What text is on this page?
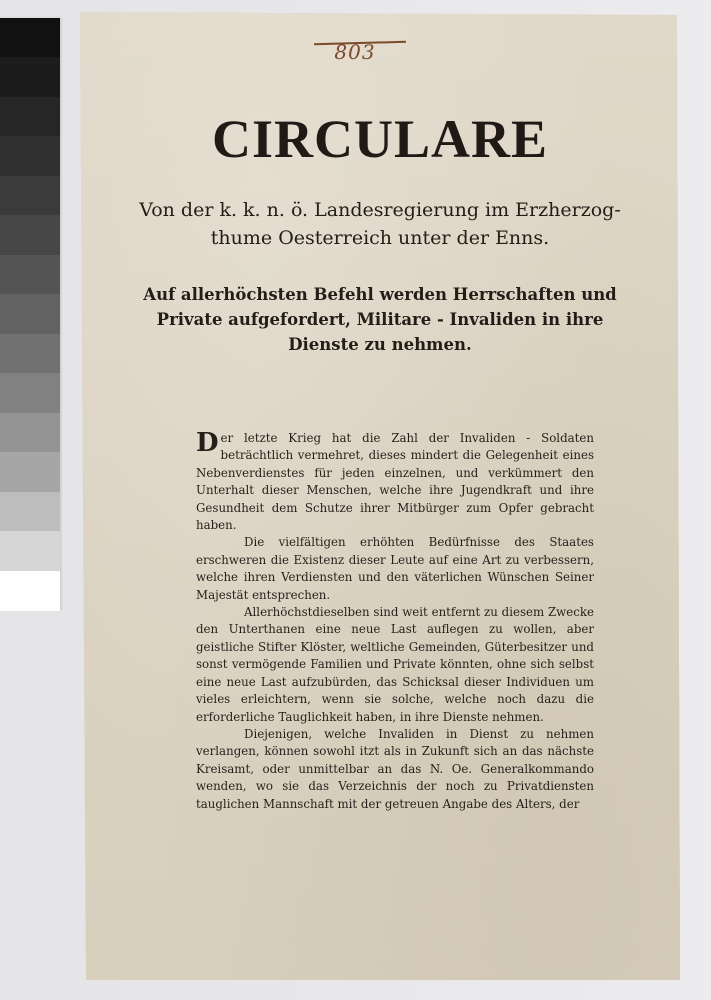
803
CIRCULARE
Von der k. k. n. ö. Landesregierung im Erzherzog-
thume Oesterreich unter der Enns.
Auf allerhöchsten Befehl werden Herrschaften und
Private aufgefordert, Militare - Invaliden in ihre
Dienste zu nehmen.

Der letzte Krieg hat die Zahl der Invaliden - Soldaten beträchtlich vermehret, dieses mindert die Gelegenheit eines Nebenverdienstes für jeden einzelnen, und verkümmert den Unterhalt dieser Menschen, welche ihre Jugendkraft und ihre Gesundheit dem Schutze ihrer Mitbürger zum Opfer gebracht haben.

Die vielfältigen erhöhten Bedürfnisse des Staates erschweren die Existenz dieser Leute auf eine Art zu verbessern, welche ihren Verdiensten und den väterlichen Wünschen Seiner Majestät entsprechen.

Allerhöchstdieselben sind weit entfernt zu diesem Zwecke den Unterthanen eine neue Last auflegen zu wollen, aber geistliche Stifter Klöster, weltliche Gemeinden, Güterbesitzer und sonst vermögende Familien und Private könnten, ohne sich selbst eine neue Last aufzubürden, das Schicksal dieser Individuen um vieles erleichtern, wenn sie solche, welche noch dazu die erforderliche Tauglichkeit haben, in ihre Dienste nehmen.

Diejenigen, welche Invaliden in Dienst zu nehmen verlangen, können sowohl itzt als in Zukunft sich an das nächste Kreisamt, oder unmittelbar an das N. Oe. Generalkommando wenden, wo sie das Verzeichnis der noch zu Privatdiensten tauglichen Mannschaft mit der getreuen Angabe des Alters, der
